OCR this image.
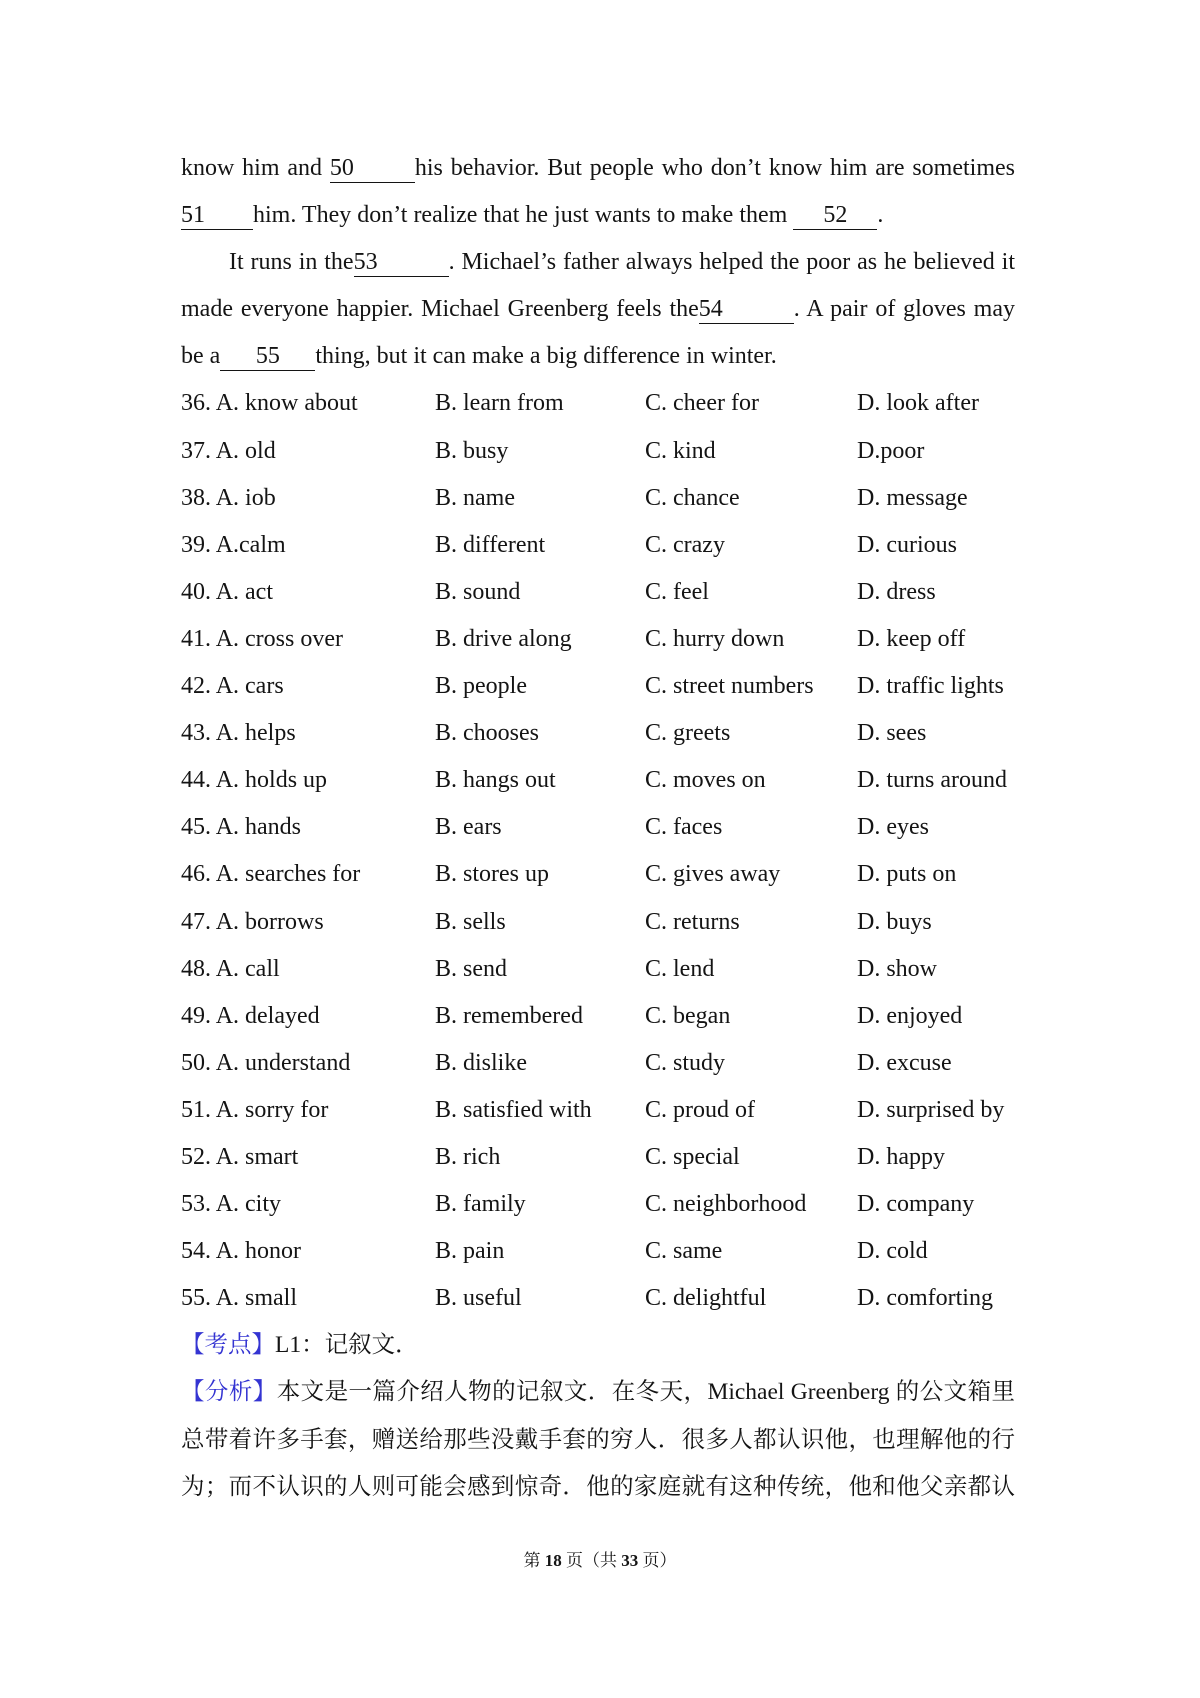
know him and 50	his behavior. But people who don’t know him are sometimes
51 him. They don’t realize that he just wants to make them 52 .
It runs in the53	. Michael’s father always helped the poor as he believed it
made everyone happier. Michael Greenberg feels the54	. A pair of gloves may
be a 55 thing, but it can make a big difference in winter.
36. A. know about	B. learn from	C. cheer for	D. look after
37. A. old	B. busy	C. kind	D.poor
38. A. iob	B. name	C. chance	D. message
39. A.calm	B. different	C. crazy	D. curious
40. A. act	B. sound	C. feel	D. dress
41. A. cross over	B. drive along	C. hurry down	D. keep off
42. A. cars	B. people	C. street numbers	D. traffic lights
43. A. helps	B. chooses	C. greets	D. sees
44. A. holds up	B. hangs out	C. moves on	D. turns around
45. A. hands	B. ears	C. faces	D. eyes
46. A. searches for	B. stores up	C. gives away	D. puts on
47. A. borrows	B. sells	C. returns	D. buys
48. A. call	B. send	C. lend	D. show
49. A. delayed	B. remembered	C. began	D. enjoyed
50. A. understand	B. dislike	C. study	D. excuse
51. A. sorry for	B. satisfied with	C. proud of	D. surprised by
52. A. smart	B. rich	C. special	D. happy
53. A. city	B. family	C. neighborhood	D. company
54. A. honor	B. pain	C. same	D. cold
55. A. small	B. useful	C. delightful	D. comforting
【考点】L1：记叙文．
【分析】本文是一篇介绍人物的记叙文．在冬天，Michael Greenberg 的公文箱里
总带着许多手套，赠送给那些没戴手套的穷人．很多人都认识他，也理解他的行
为；而不认识的人则可能会感到惊奇．他的家庭就有这种传统，他和他父亲都认
第 18 页（共 33 页）
